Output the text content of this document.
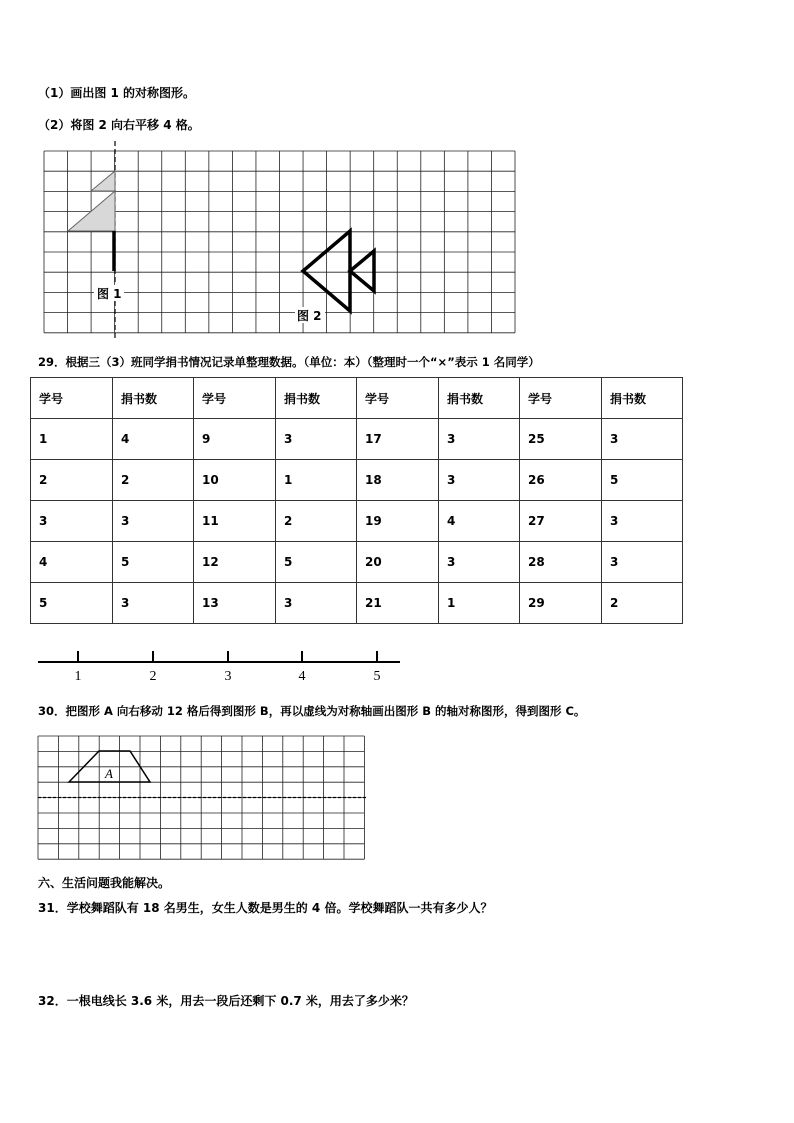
（1）画出图 1 的对称图形。
（2）将图 2 向右平移 4 格。
图 1
图 2
29．根据三（3）班同学捐书情况记录单整理数据。（单位：本）（整理时一个“×”表示 1 名同学）
学号	捐书数	学号	捐书数	学号	捐书数	学号	捐书数
1	4	9	3	17	3	25	3
2	2	10	1	18	3	26	5
3	3	11	2	19	4	27	3
4	5	12	5	20	3	28	3
5	3	13	3	21	1	29	2
1	2	3	4	5
30．把图形 A 向右移动 12 格后得到图形 B，再以虚线为对称轴画出图形 B 的轴对称图形，得到图形 C。
A
六、生活问题我能解决。
31．学校舞蹈队有 18 名男生，女生人数是男生的 4 倍。学校舞蹈队一共有多少人？
32．一根电线长 3.6 米，用去一段后还剩下 0.7 米，用去了多少米？
